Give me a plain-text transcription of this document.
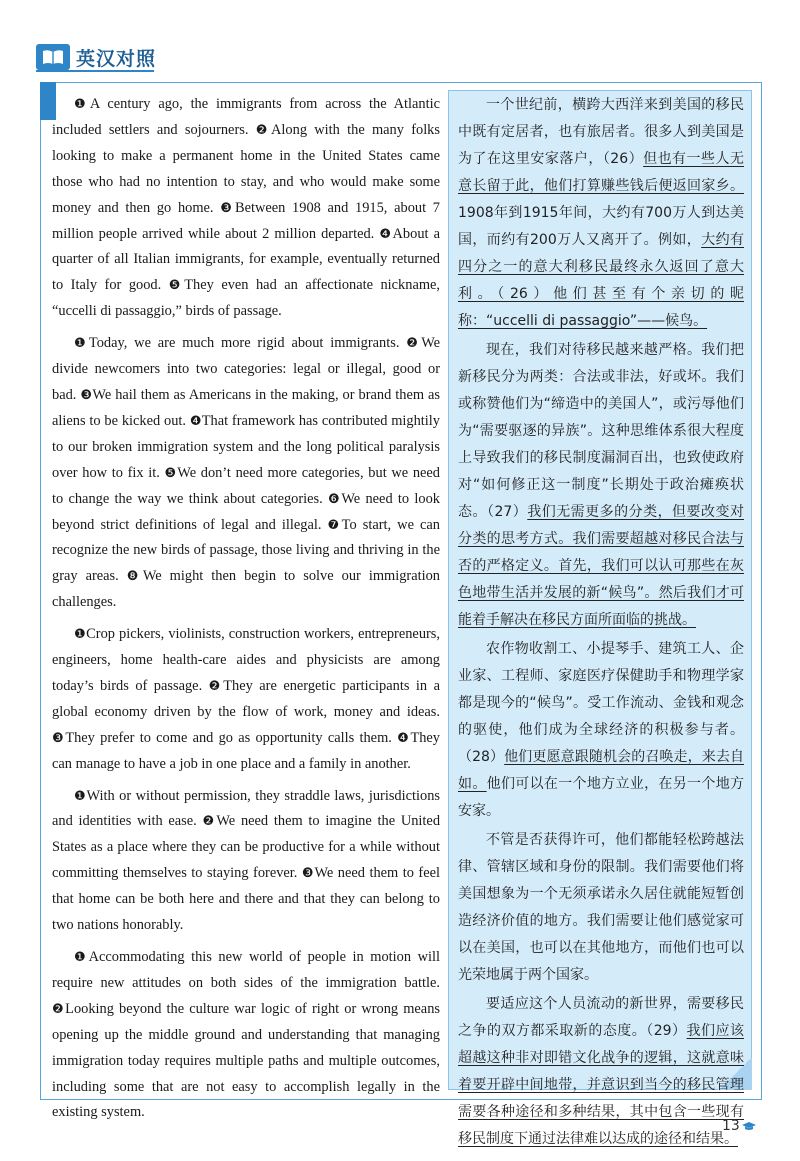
英汉对照

❶A century ago, the immigrants from across the Atlantic included settlers and sojourners. ❷Along with the many folks looking to make a permanent home in the United States came those who had no intention to stay, and who would make some money and then go home. ❸Between 1908 and 1915, about 7 million people arrived while about 2 million departed. ❹About a quarter of all Italian immigrants, for example, eventually returned to Italy for good. ❺They even had an affectionate nickname, “uccelli di passaggio,” birds of passage.

❶Today, we are much more rigid about immigrants. ❷We divide newcomers into two categories: legal or illegal, good or bad. ❸We hail them as Americans in the making, or brand them as aliens to be kicked out. ❹That framework has contributed mightily to our broken immigration system and the long political paralysis over how to fix it. ❺We don’t need more categories, but we need to change the way we think about categories. ❻We need to look beyond strict definitions of legal and illegal. ❼To start, we can recognize the new birds of passage, those living and thriving in the gray areas. ❽We might then begin to solve our immigration challenges.

❶Crop pickers, violinists, construction workers, entrepreneurs, engineers, home health-care aides and physicists are among today’s birds of passage. ❷They are energetic participants in a global economy driven by the flow of work, money and ideas. ❸They prefer to come and go as opportunity calls them. ❹They can manage to have a job in one place and a family in another.

❶With or without permission, they straddle laws, jurisdictions and identities with ease. ❷We need them to imagine the United States as a place where they can be productive for a while without committing themselves to staying forever. ❸We need them to feel that home can be both here and there and that they can belong to two nations honorably.

❶Accommodating this new world of people in motion will require new attitudes on both sides of the immigration battle. ❷Looking beyond the culture war logic of right or wrong means opening up the middle ground and understanding that managing immigration today requires multiple paths and multiple outcomes, including some that are not easy to accomplish legally in the existing system.

一个世纪前，横跨大西洋来到美国的移民中既有定居者，也有旅居者。很多人到美国是为了在这里安家落户，（26）但也有一些人无意长留于此，他们打算赚些钱后便返回家乡。1908年到1915年间，大约有700万人到达美国，而约有200万人又离开了。例如，大约有四分之一的意大利移民最终永久返回了意大利。（26）他们甚至有个亲切的昵称：“uccelli di passaggio”——候鸟。

现在，我们对待移民越来越严格。我们把新移民分为两类：合法或非法，好或坏。我们或称赞他们为“缔造中的美国人”，或污辱他们为“需要驱逐的异族”。这种思维体系很大程度上导致我们的移民制度漏洞百出，也致使政府对“如何修正这一制度”长期处于政治瘫痪状态。（27）我们无需更多的分类，但要改变对分类的思考方式。我们需要超越对移民合法与否的严格定义。首先，我们可以认可那些在灰色地带生活并发展的新“候鸟”。然后我们才可能着手解决在移民方面所面临的挑战。

农作物收割工、小提琴手、建筑工人、企业家、工程师、家庭医疗保健助手和物理学家都是现今的“候鸟”。受工作流动、金钱和观念的驱使，他们成为全球经济的积极参与者。（28）他们更愿意跟随机会的召唤走，来去自如。他们可以在一个地方立业，在另一个地方安家。

不管是否获得许可，他们都能轻松跨越法律、管辖区域和身份的限制。我们需要他们将美国想象为一个无须承诺永久居住就能短暂创造经济价值的地方。我们需要让他们感觉家可以在美国，也可以在其他地方，而他们也可以光荣地属于两个国家。

要适应这个人员流动的新世界，需要移民之争的双方都采取新的态度。（29）我们应该超越这种非对即错文化战争的逻辑，这就意味着要开辟中间地带，并意识到当今的移民管理需要各种途径和多种结果，其中包含一些现有移民制度下通过法律难以达成的途径和结果。

13
